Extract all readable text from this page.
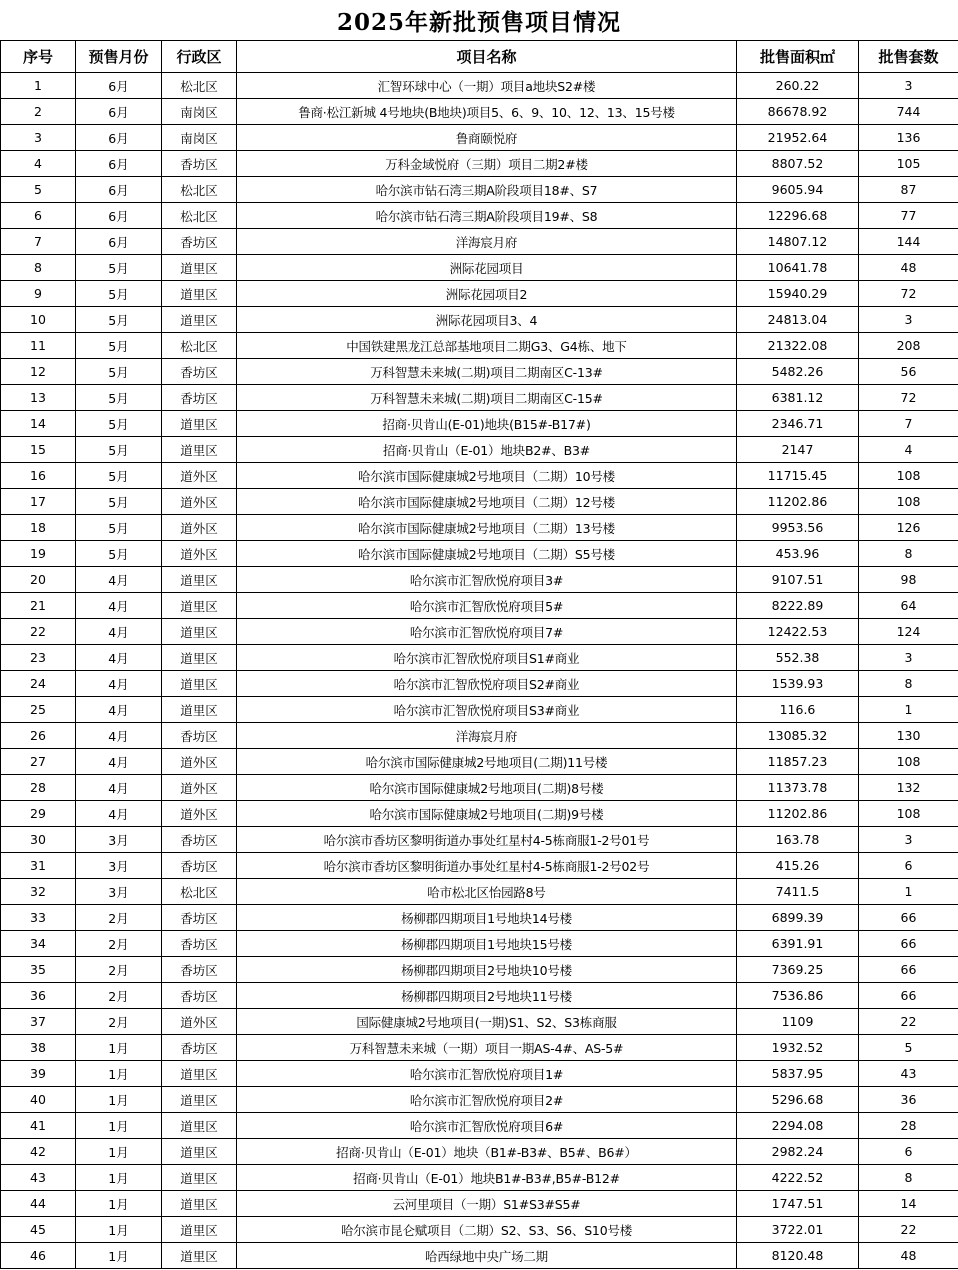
2025年新批预售项目情况
序号	预售月份	行政区	项目名称	批售面积㎡	批售套数
1	6月	松北区	汇智环球中心（一期）项目a地块S2#楼	260.22	3
2	6月	南岗区	鲁商·松江新城 4号地块(B地块)项目5、6、9、10、12、13、15号楼	86678.92	744
3	6月	南岗区	鲁商颐悦府	21952.64	136
4	6月	香坊区	万科金域悦府（三期）项目二期2#楼	8807.52	105
5	6月	松北区	哈尔滨市钻石湾三期A阶段项目18#、S7	9605.94	87
6	6月	松北区	哈尔滨市钻石湾三期A阶段项目19#、S8	12296.68	77
7	6月	香坊区	洋海宸月府	14807.12	144
8	5月	道里区	洲际花园项目	10641.78	48
9	5月	道里区	洲际花园项目2	15940.29	72
10	5月	道里区	洲际花园项目3、4	24813.04	3
11	5月	松北区	中国铁建黑龙江总部基地项目二期G3、G4栋、地下	21322.08	208
12	5月	香坊区	万科智慧未来城(二期)项目二期南区C-13#	5482.26	56
13	5月	香坊区	万科智慧未来城(二期)项目二期南区C-15#	6381.12	72
14	5月	道里区	招商·贝肯山(E-01)地块(B15#-B17#)	2346.71	7
15	5月	道里区	招商·贝肯山（E-01）地块B2#、B3#	2147	4
16	5月	道外区	哈尔滨市国际健康城2号地项目（二期）10号楼	11715.45	108
17	5月	道外区	哈尔滨市国际健康城2号地项目（二期）12号楼	11202.86	108
18	5月	道外区	哈尔滨市国际健康城2号地项目（二期）13号楼	9953.56	126
19	5月	道外区	哈尔滨市国际健康城2号地项目（二期）S5号楼	453.96	8
20	4月	道里区	哈尔滨市汇智欣悦府项目3#	9107.51	98
21	4月	道里区	哈尔滨市汇智欣悦府项目5#	8222.89	64
22	4月	道里区	哈尔滨市汇智欣悦府项目7#	12422.53	124
23	4月	道里区	哈尔滨市汇智欣悦府项目S1#商业	552.38	3
24	4月	道里区	哈尔滨市汇智欣悦府项目S2#商业	1539.93	8
25	4月	道里区	哈尔滨市汇智欣悦府项目S3#商业	116.6	1
26	4月	香坊区	洋海宸月府	13085.32	130
27	4月	道外区	哈尔滨市国际健康城2号地项目(二期)11号楼	11857.23	108
28	4月	道外区	哈尔滨市国际健康城2号地项目(二期)8号楼	11373.78	132
29	4月	道外区	哈尔滨市国际健康城2号地项目(二期)9号楼	11202.86	108
30	3月	香坊区	哈尔滨市香坊区黎明街道办事处红星村4-5栋商服1-2号01号	163.78	3
31	3月	香坊区	哈尔滨市香坊区黎明街道办事处红星村4-5栋商服1-2号02号	415.26	6
32	3月	松北区	哈市松北区怡园路8号	7411.5	1
33	2月	香坊区	杨柳郡四期项目1号地块14号楼	6899.39	66
34	2月	香坊区	杨柳郡四期项目1号地块15号楼	6391.91	66
35	2月	香坊区	杨柳郡四期项目2号地块10号楼	7369.25	66
36	2月	香坊区	杨柳郡四期项目2号地块11号楼	7536.86	66
37	2月	道外区	国际健康城2号地项目(一期)S1、S2、S3栋商服	1109	22
38	1月	香坊区	万科智慧未来城（一期）项目一期AS-4#、AS-5#	1932.52	5
39	1月	道里区	哈尔滨市汇智欣悦府项目1#	5837.95	43
40	1月	道里区	哈尔滨市汇智欣悦府项目2#	5296.68	36
41	1月	道里区	哈尔滨市汇智欣悦府项目6#	2294.08	28
42	1月	道里区	招商·贝肯山（E-01）地块（B1#-B3#、B5#、B6#）	2982.24	6
43	1月	道里区	招商·贝肯山（E-01）地块B1#-B3#,B5#-B12#	4222.52	8
44	1月	道里区	云河里项目（一期）S1#S3#S5#	1747.51	14
45	1月	道里区	哈尔滨市昆仑赋项目（二期）S2、S3、S6、S10号楼	3722.01	22
46	1月	道里区	哈西绿地中央广场二期	8120.48	48
